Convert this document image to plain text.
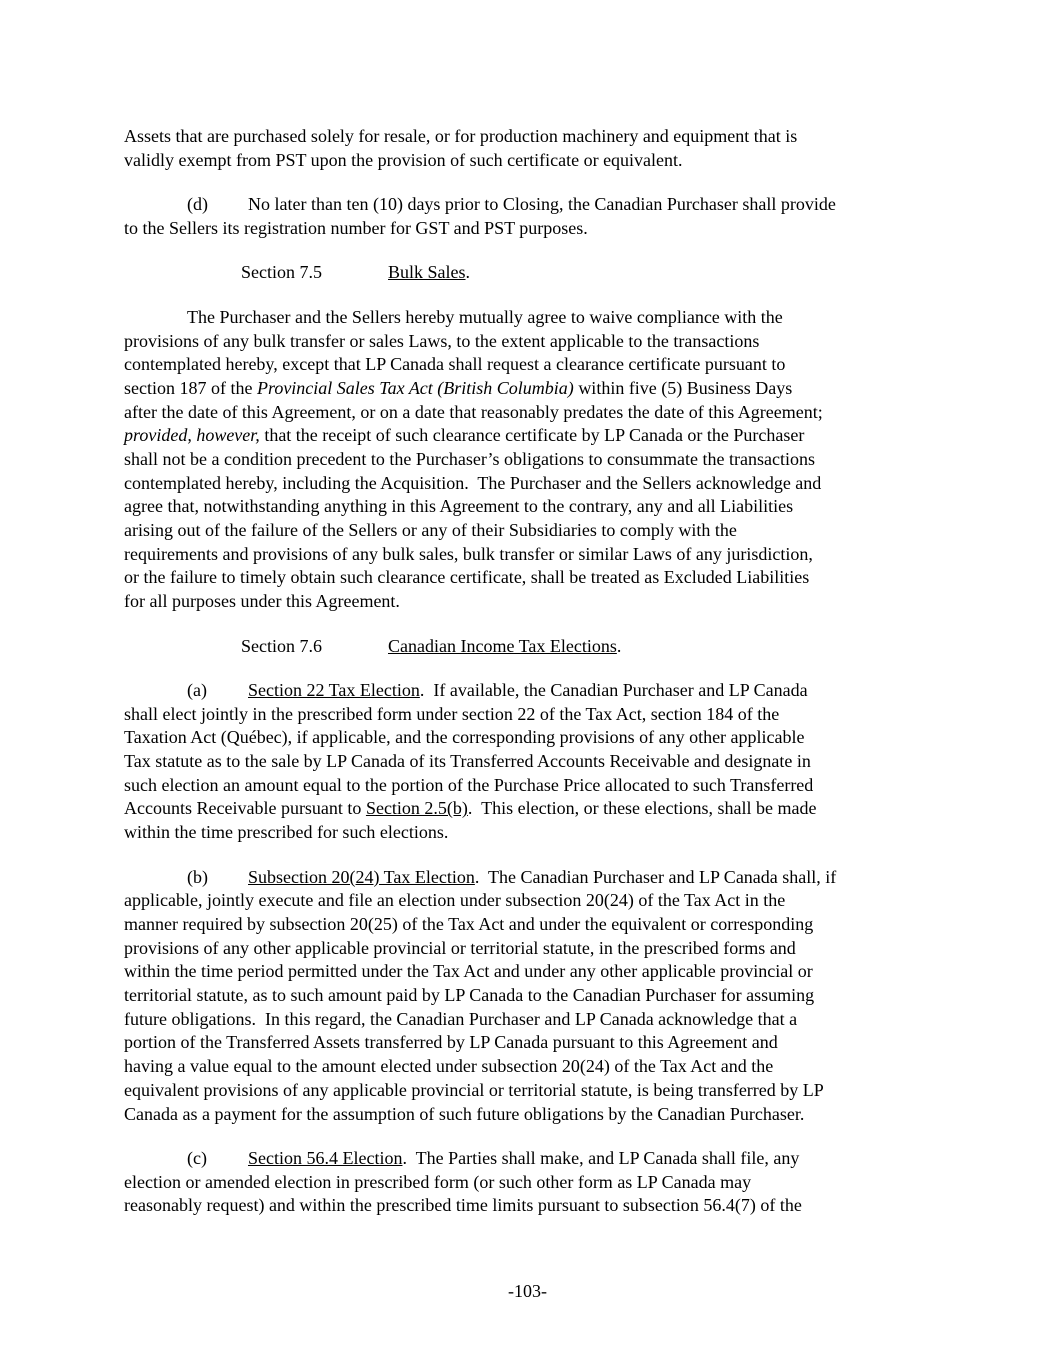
Assets that are purchased solely for resale, or for production machinery and equipment that is
validly exempt from PST upon the provision of such certificate or equivalent.
(d) No later than ten (10) days prior to Closing, the Canadian Purchaser shall provide
to the Sellers its registration number for GST and PST purposes.
Section 7.5	Bulk Sales.
The Purchaser and the Sellers hereby mutually agree to waive compliance with the
provisions of any bulk transfer or sales Laws, to the extent applicable to the transactions
contemplated hereby, except that LP Canada shall request a clearance certificate pursuant to
section 187 of the Provincial Sales Tax Act (British Columbia) within five (5) Business Days
after the date of this Agreement, or on a date that reasonably predates the date of this Agreement;
provided, however, that the receipt of such clearance certificate by LP Canada or the Purchaser
shall not be a condition precedent to the Purchaser’s obligations to consummate the transactions
contemplated hereby, including the Acquisition.  The Purchaser and the Sellers acknowledge and
agree that, notwithstanding anything in this Agreement to the contrary, any and all Liabilities
arising out of the failure of the Sellers or any of their Subsidiaries to comply with the
requirements and provisions of any bulk sales, bulk transfer or similar Laws of any jurisdiction,
or the failure to timely obtain such clearance certificate, shall be treated as Excluded Liabilities
for all purposes under this Agreement.
Section 7.6	Canadian Income Tax Elections.
(a) Section 22 Tax Election.  If available, the Canadian Purchaser and LP Canada
shall elect jointly in the prescribed form under section 22 of the Tax Act, section 184 of the
Taxation Act (Québec), if applicable, and the corresponding provisions of any other applicable
Tax statute as to the sale by LP Canada of its Transferred Accounts Receivable and designate in
such election an amount equal to the portion of the Purchase Price allocated to such Transferred
Accounts Receivable pursuant to Section 2.5(b).  This election, or these elections, shall be made
within the time prescribed for such elections.
(b) Subsection 20(24) Tax Election.  The Canadian Purchaser and LP Canada shall, if
applicable, jointly execute and file an election under subsection 20(24) of the Tax Act in the
manner required by subsection 20(25) of the Tax Act and under the equivalent or corresponding
provisions of any other applicable provincial or territorial statute, in the prescribed forms and
within the time period permitted under the Tax Act and under any other applicable provincial or
territorial statute, as to such amount paid by LP Canada to the Canadian Purchaser for assuming
future obligations.  In this regard, the Canadian Purchaser and LP Canada acknowledge that a
portion of the Transferred Assets transferred by LP Canada pursuant to this Agreement and
having a value equal to the amount elected under subsection 20(24) of the Tax Act and the
equivalent provisions of any applicable provincial or territorial statute, is being transferred by LP
Canada as a payment for the assumption of such future obligations by the Canadian Purchaser.
(c) Section 56.4 Election.  The Parties shall make, and LP Canada shall file, any
election or amended election in prescribed form (or such other form as LP Canada may
reasonably request) and within the prescribed time limits pursuant to subsection 56.4(7) of the
-103-
